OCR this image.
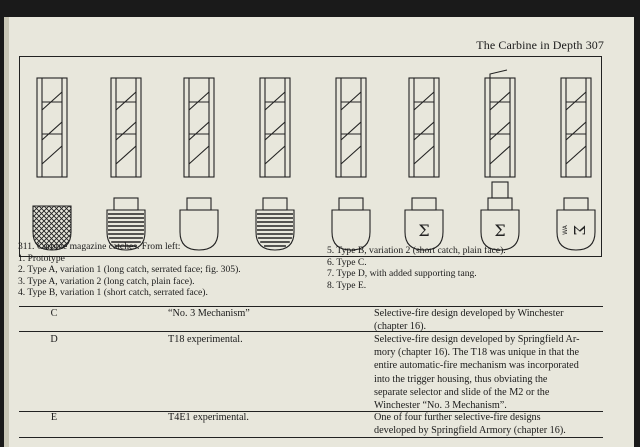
The Carbine in Depth 307
Σ	Σ	Σ
WA
311. Carbine magazine catches. From left:
1. Prototype
2. Type A, variation 1 (long catch, serrated face; fig. 305).
3. Type A, variation 2 (long catch, plain face).
4. Type B, variation 1 (short catch, serrated face).
5. Type B, variation 2 (short catch, plain face).
6. Type C.
7. Type D, with added supporting tang.
8. Type E.
C	“No. 3 Mechanism”	Selective-fire design developed by Winchester
(chapter 16).
D	T18 experimental.	Selective-fire design developed by Springfield Ar-
mory (chapter 16). The T18 was unique in that the
entire automatic-fire mechanism was incorporated
into the trigger housing, thus obviating the
separate selector and slide of the M2 or the
Winchester “No. 3 Mechanism”.
E	T4E1 experimental.	One of four further selective-fire designs
developed by Springfield Armory (chapter 16).
